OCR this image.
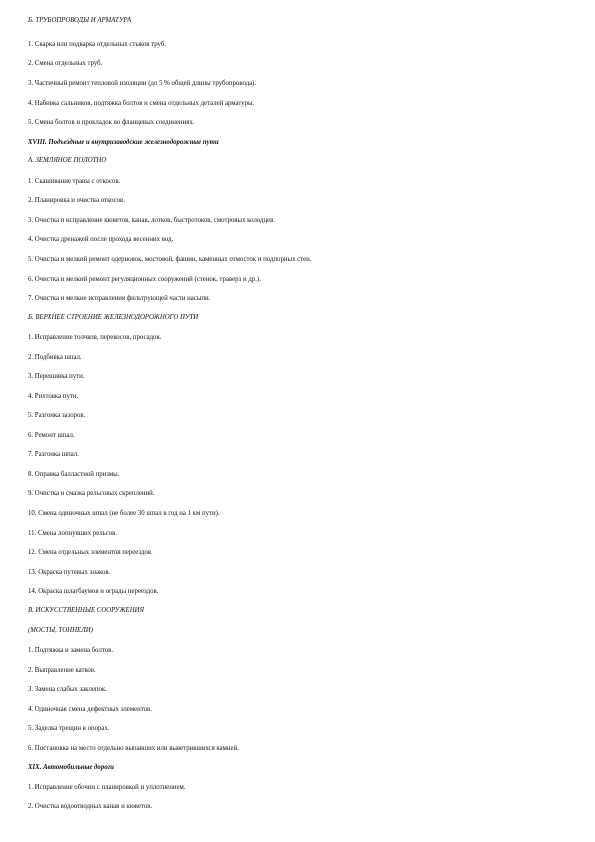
Б. ТРУБОПРОВОДЫ И АРМАТУРА
1. Сварка или подварка отдельных стыков труб.
2. Смена отдельных труб.
3. Частичный ремонт тепловой изоляции (до 5 % общей длины трубопровода).
4. Набивка сальников, подтяжка болтов и смена отдельных деталей арматуры.
5. Смена болтов и прокладок во фланцевых соединениях.
XVIII. Подъездные и внутризаводские железнодорожные пути
А. ЗЕМЛЯНОЕ ПОЛОТНО
1. Скашивание травы с откосов.
2. Планировка и очистка откосов.
3. Очистка и исправление кюветов, канав, лотков, быстротоков, смотровых колодцев.
4. Очистка дренажей после прохода весенних вод.
5. Очистка и мелкий ремонт одерновок, мостовой, фашин, каменных отмосток и подпорных стен.
6. Очистка и мелкий ремонт регуляционных сооружений (стенок, траверз и др.).
7. Очистка и мелкие исправления фильтрующей части насыпи.
Б. ВЕРХНЕЕ СТРОЕНИЕ ЖЕЛЕЗНОДОРОЖНОГО ПУТИ
1. Исправление толчков, перекосов, просадок.
2. Подбивка шпал.
3. Перешивка пути.
4. Рихтовка пути.
5. Разгонка зазоров.
6. Ремонт шпал.
7. Разгонка шпал.
8. Оправка балластной призмы.
9. Очистка и смазка рельсовых скреплений.
10. Смена одиночных шпал (не более 30 шпал в год на 1 км пути).
11. Смена лопнувших рельсов.
12. Смена отдельных элементов переездов.
13. Окраска путевых знаков.
14. Окраска шлагбаумов и ограды переездов.
В. ИСКУССТВЕННЫЕ СООРУЖЕНИЯ
(МОСТЫ, ТОННЕЛИ)
1. Подтяжка и замена болтов.
2. Выправление катков.
3. Замена слабых заклепок.
4. Одиночная смена дефектных элементов.
5. Заделка трещин в опорах.
6. Постановка на место отдельно выпавших или выветрившихся камней.
XIX. Автомобильные дороги
1. Исправление обочин с планировкой и уплотнением.
2. Очистка водоотводных канав и кюветов.
